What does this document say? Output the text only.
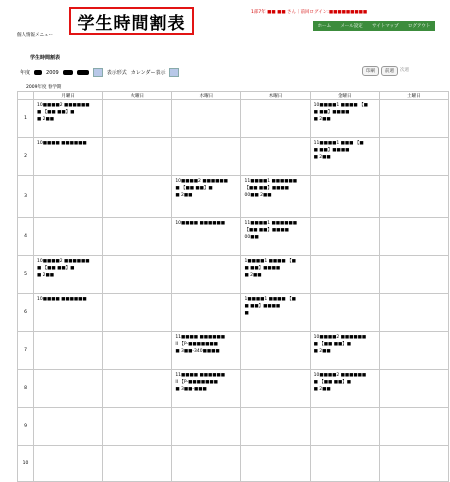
学生時間割表
1部7年 ■■ ■■ さん｜前回ログイン:■■■■■■■■■
ホーム メール設定 サイトマップ ログアウト
個人情報メニュー
学生時間割表
年度	2009	表示形式 カレンダー表示	印刷	前週	次週
2009年度 春学期
	月曜日	火曜日	水曜日	木曜日	金曜日	土曜日
1	10■■■■2 ■■■■■■
■ 【■■ ■■】■
■ 2■■				10■■■■1 ■■■■ 【■
■ ■■】■■■■
■ 2■■	

2	10■■■■ ■■■■■■				11■■■■1 ■■■ 【■
■ ■■】■■■■
■ 2■■	

3			10■■■■2 ■■■■■■
■ 【■■ ■■】■
■ 2■■	11■■■■1 ■■■■■■
【■■ ■■】■■■■
00■■ 2■■		

4			10■■■■ ■■■■■■	11■■■■1 ■■■■■■
【■■ ■■】■■■■
00■■		

5	10■■■■2 ■■■■■■
■ 【■■ ■■】■
■ 2■■			1■■■■1 ■■■■ 【■
■ ■■】■■■■
■ 2■■		

6	10■■■■ ■■■■■■			1■■■■1 ■■■■ 【■
■ ■■】■■■■
■		

7			11■■■■ ■■■■■■
II 【P-■■■■■■■
■ 3■■-340■■■■		10■■■■2 ■■■■■■
■ 【■■ ■■】■
■ 2■■	

8			11■■■■ ■■■■■■
II 【P-■■■■■■■
■ 3■■-■■■		10■■■■2 ■■■■■■
■ 【■■ ■■】■
■ 2■■	

9						
10						
